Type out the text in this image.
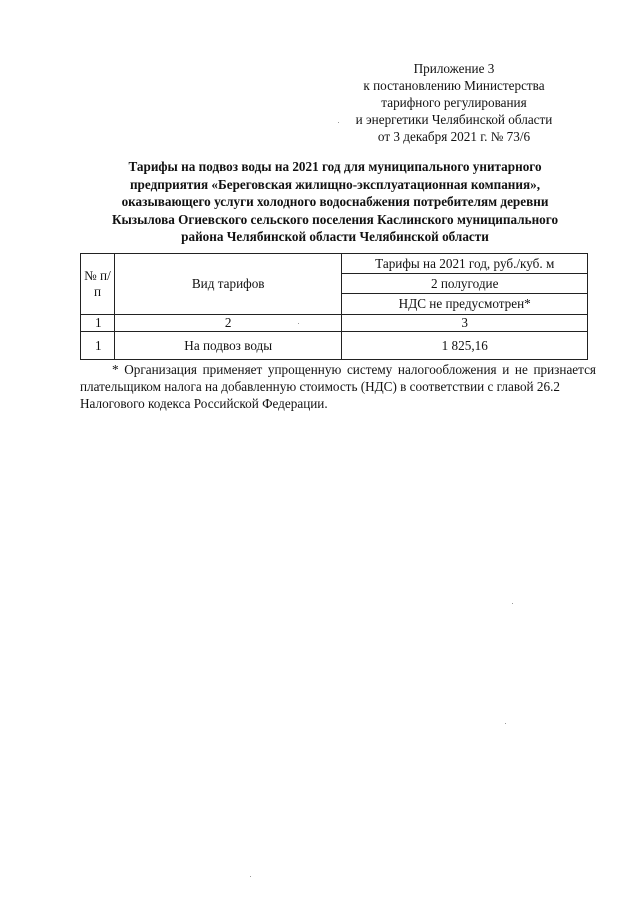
Приложение 3
к постановлению Министерства
тарифного регулирования
и энергетики Челябинской области
от 3 декабря 2021 г. № 73/6
Тарифы на подвоз воды на 2021 год для муниципального унитарного
предприятия «Береговская жилищно-эксплуатационная компания»,
оказывающего услуги холодного водоснабжения потребителям деревни
Кызылова Огиевского сельского поселения Каслинского муниципального
района Челябинской области Челябинской области
№ п/п	Вид тарифов	Тарифы на 2021 год, руб./куб. м
		2 полугодие
		НДС не предусмотрен*
1	2	3
1	На подвоз воды	1 825,16

* Организация применяет упрощенную систему налогообложения и не признается плательщиком налога на добавленную стоимость (НДС) в соответствии с главой 26.2

Налогового кодекса Российской Федерации.
